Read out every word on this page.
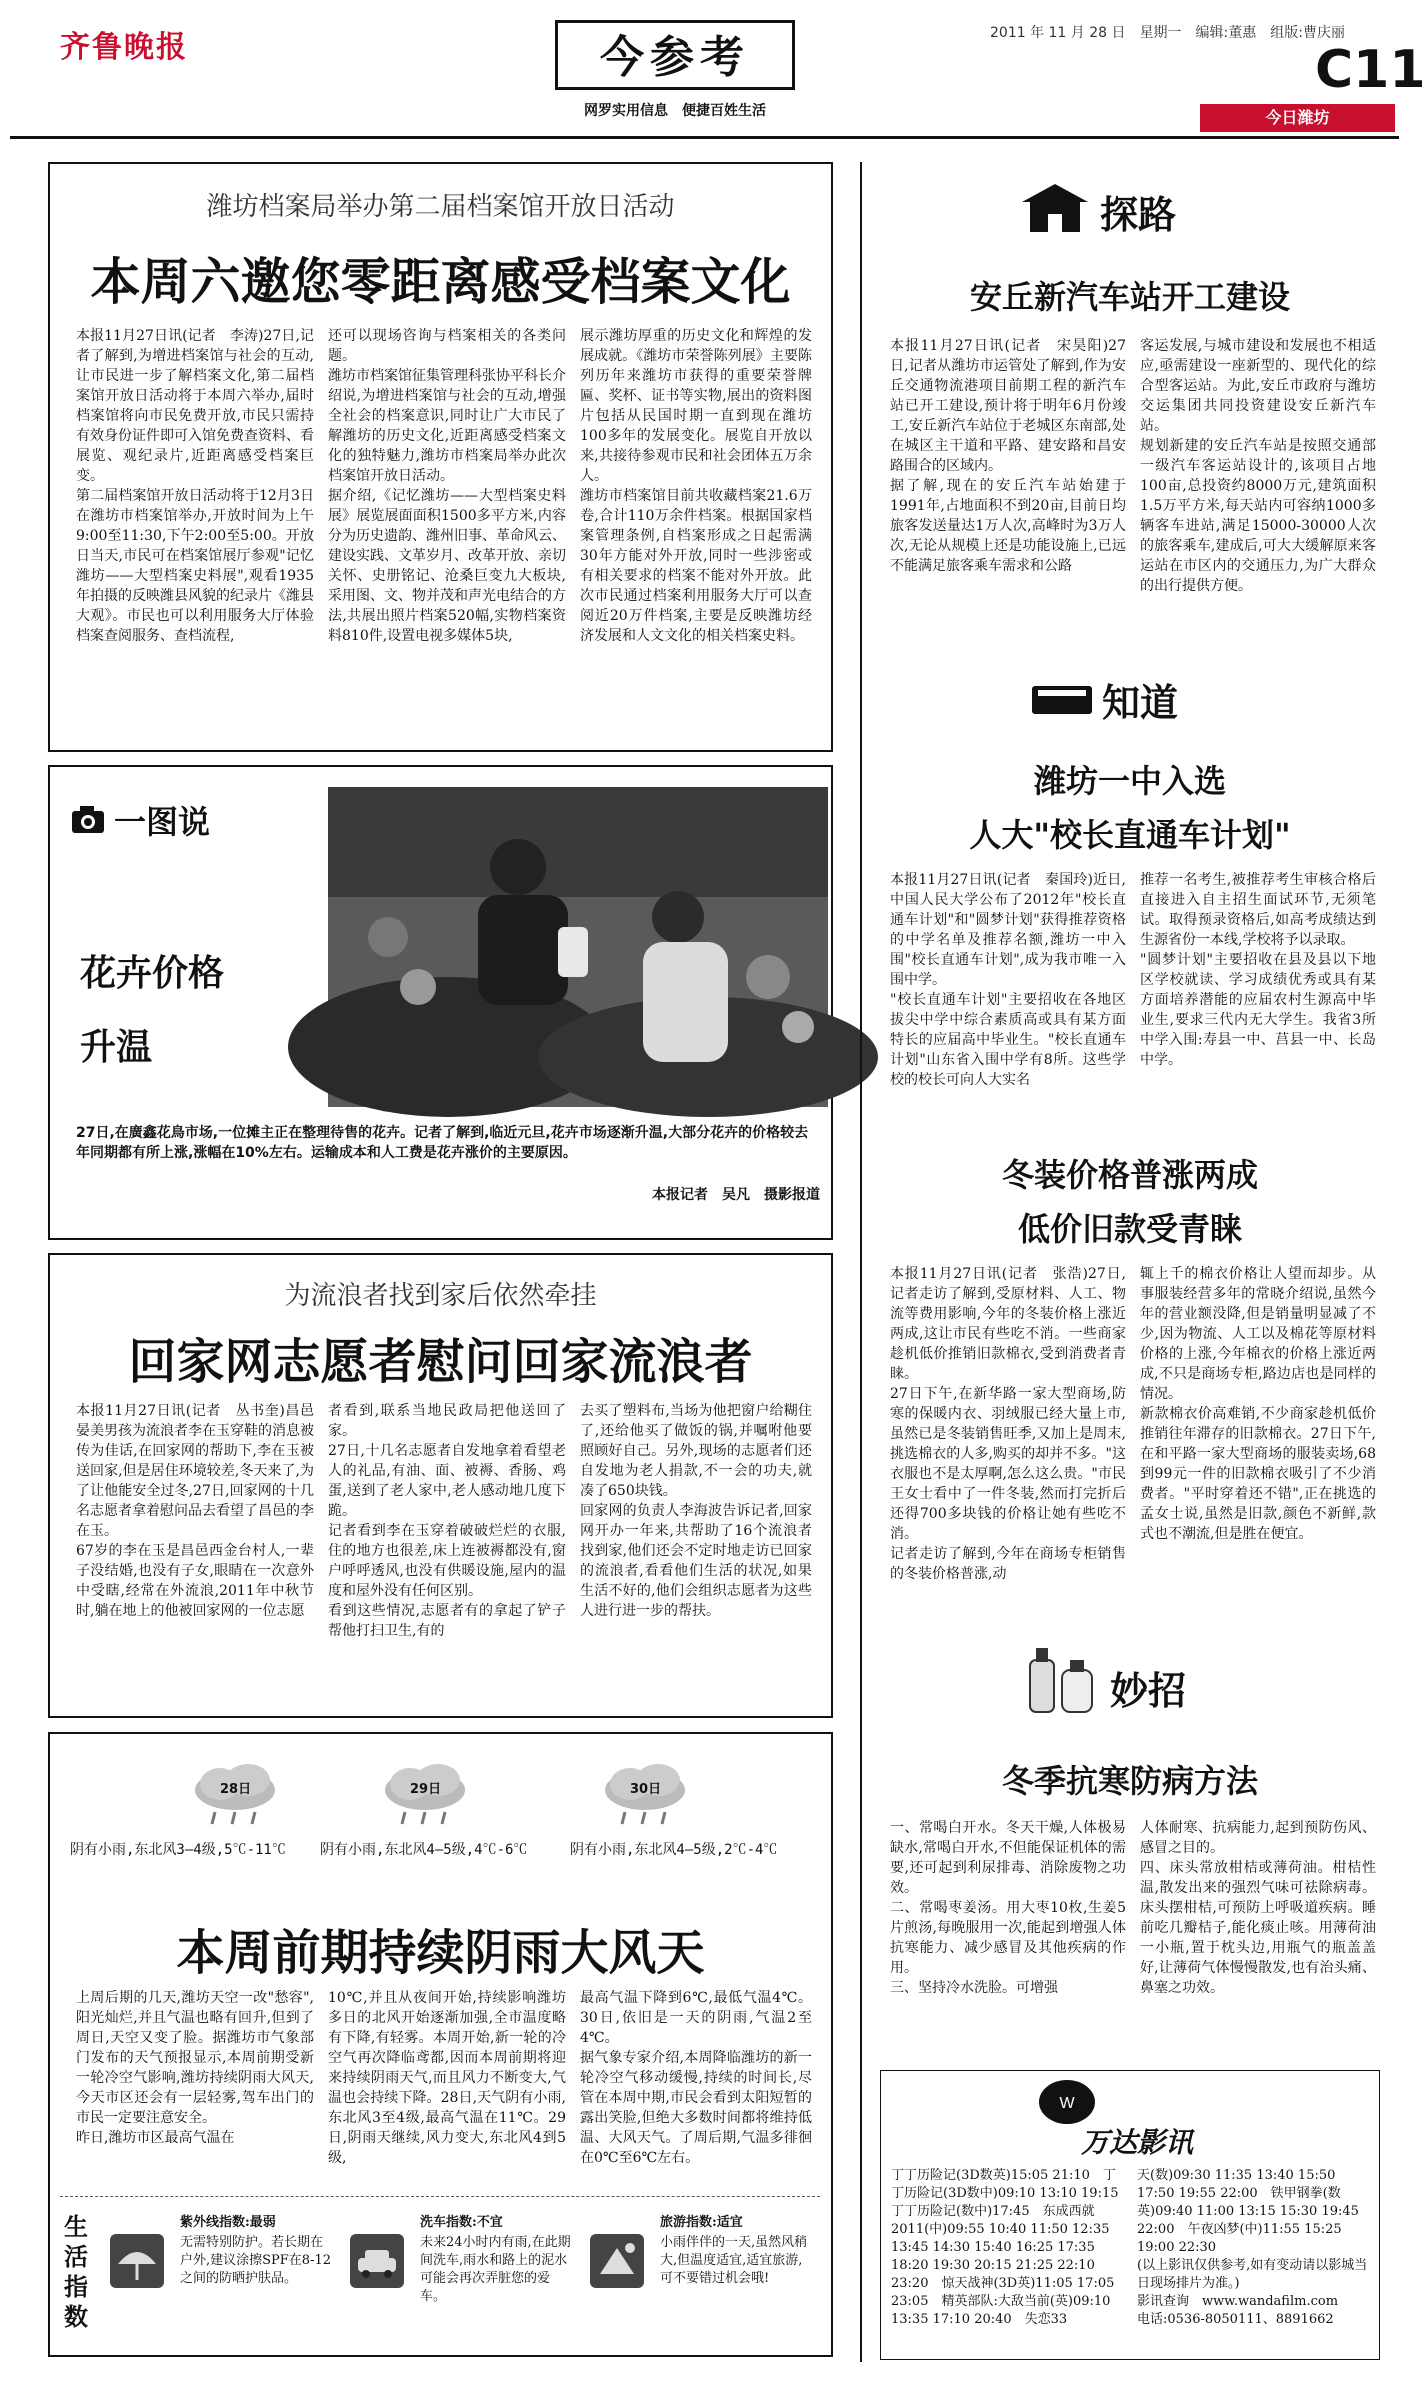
齐鲁晚报	今参考
网罗实用信息　便捷百姓生活
2011 年 11 月 28 日　星期一　编辑:董惠　组版:曹庆丽
C11
今日潍坊
潍坊档案局举办第二届档案馆开放日活动
本周六邀您零距离感受档案文化
本报11月27日讯(记者　李涛)27日,记者了解到,为增进档案馆与社会的互动,让市民进一步了解档案文化,第二届档案馆开放日活动将于本周六举办,届时档案馆将向市民免费开放,市民只需持有效身份证件即可入馆免费查资料、看展览、观纪录片,近距离感受档案巨变。
第二届档案馆开放日活动将于12月3日在潍坊市档案馆举办,开放时间为上午9:00至11:30,下午2:00至5:00。开放日当天,市民可在档案馆展厅参观"记忆潍坊——大型档案史料展",观看1935年拍摄的反映潍县风貌的纪录片《潍县大观》。市民也可以利用服务大厅体验档案查阅服务、查档流程,
还可以现场咨询与档案相关的各类问题。
潍坊市档案馆征集管理科张协平科长介绍说,为增进档案馆与社会的互动,增强全社会的档案意识,同时让广大市民了解潍坊的历史文化,近距离感受档案文化的独特魅力,潍坊市档案局举办此次档案馆开放日活动。
据介绍,《记忆潍坊——大型档案史料展》展览展面面积1500多平方米,内容分为历史遗韵、潍州旧事、革命风云、建设实践、文革岁月、改革开放、亲切关怀、史册铭记、沧桑巨变九大板块,采用图、文、物并茂和声光电结合的方法,共展出照片档案520幅,实物档案资料810件,设置电视多媒体5块,
展示潍坊厚重的历史文化和辉煌的发展成就。《潍坊市荣誉陈列展》主要陈列历年来潍坊市获得的重要荣誉牌匾、奖杯、证书等实物,展出的资料图片包括从民国时期一直到现在潍坊100多年的发展变化。展览自开放以来,共接待参观市民和社会团体五万余人。
潍坊市档案馆目前共收藏档案21.6万卷,合计110万余件档案。根据国家档案管理条例,自档案形成之日起需满30年方能对外开放,同时一些涉密或有相关要求的档案不能对外开放。此次市民通过档案利用服务大厅可以查阅近20万件档案,主要是反映潍坊经济发展和人文文化的相关档案史料。
一图说
花卉价格
升温
27日,在廣鑫花鳥市场,一位摊主正在整理待售的花卉。记者了解到,临近元旦,花卉市场逐渐升温,大部分花卉的价格较去年同期都有所上涨,涨幅在10%左右。运输成本和人工费是花卉涨价的主要原因。
本报记者　吴凡　摄影报道
为流浪者找到家后依然牵挂
回家网志愿者慰问回家流浪者
本报11月27日讯(记者　丛书奎)昌邑晏美男孩为流浪者李在玉穿鞋的消息被传为佳话,在回家网的帮助下,李在玉被送回家,但是居住环境较差,冬天来了,为了让他能安全过冬,27日,回家网的十几名志愿者拿着慰问品去看望了昌邑的李在玉。
67岁的李在玉是昌邑西金台村人,一辈子没结婚,也没有子女,眼睛在一次意外中受瞎,经常在外流浪,2011年中秋节时,躺在地上的他被回家网的一位志愿
者看到,联系当地民政局把他送回了家。
27日,十几名志愿者自发地拿着看望老人的礼品,有油、面、被褥、香肠、鸡蛋,送到了老人家中,老人感动地几度下跪。
记者看到李在玉穿着破破烂烂的衣服,住的地方也很差,床上连被褥都没有,窗户呼呼透风,也没有供暖设施,屋内的温度和屋外没有任何区别。
看到这些情况,志愿者有的拿起了铲子帮他打扫卫生,有的
去买了塑料布,当场为他把窗户给糊住了,还给他买了做饭的锅,并嘱咐他要照顾好自己。另外,现场的志愿者们还自发地为老人捐款,不一会的功夫,就凑了650块钱。
回家网的负责人李海波告诉记者,回家网开办一年来,共帮助了16个流浪者找到家,他们还会不定时地走访已回家的流浪者,看看他们生活的状况,如果生活不好的,他们会组织志愿者为这些人进行进一步的帮扶。
28日
阴有小雨,东北风3—4级,5℃-11℃
29日
阴有小雨,东北风4—5级,4℃-6℃
30日
阴有小雨,东北风4—5级,2℃-4℃
本周前期持续阴雨大风天
上周后期的几天,潍坊天空一改"愁容",阳光灿烂,并且气温也略有回升,但到了周日,天空又变了脸。据潍坊市气象部门发布的天气预报显示,本周前期受新一轮冷空气影响,潍坊持续阴雨大风天,今天市区还会有一层轻雾,驾车出门的市民一定要注意安全。
昨日,潍坊市区最高气温在
10℃,并且从夜间开始,持续影响潍坊多日的北风开始逐渐加强,全市温度略有下降,有轻雾。本周开始,新一轮的冷空气再次降临鸢都,因而本周前期将迎来持续阴雨天气,而且风力不断变大,气温也会持续下降。28日,天气阴有小雨,东北风3至4级,最高气温在11℃。29日,阴雨天继续,风力变大,东北风4到5级,
最高气温下降到6℃,最低气温4℃。30日,依旧是一天的阴雨,气温2至4℃。
据气象专家介绍,本周降临潍坊的新一轮冷空气移动缓慢,持续的时间长,尽管在本周中期,市民会看到太阳短暂的露出笑脸,但绝大多数时间都将维持低温、大风天气。了周后期,气温多徘徊在0℃至6℃左右。
生活指数
紫外线指数:最弱
无需特别防护。若长期在户外,建议涂擦SPF在8-12之间的防晒护肤品。
洗车指数:不宜
未来24小时内有雨,在此期间洗车,雨水和路上的泥水可能会再次弄脏您的爱车。
旅游指数:适宜
小雨伴伴的一天,虽然风稍大,但温度适宜,适宜旅游,可不要错过机会哦!
探路
安丘新汽车站开工建设
本报11月27日讯(记者　宋昊阳)27日,记者从潍坊市运管处了解到,作为安丘交通物流港项目前期工程的新汽车站已开工建设,预计将于明年6月份竣工,安丘新汽车站位于老城区东南部,处在城区主干道和平路、建安路和昌安路围合的区域内。
据了解,现在的安丘汽车站始建于1991年,占地面积不到20亩,目前日均旅客发送量达1万人次,高峰时为3万人次,无论从规模上还是功能设施上,已远不能满足旅客乘车需求和公路
客运发展,与城市建设和发展也不相适应,亟需建设一座新型的、现代化的综合型客运站。为此,安丘市政府与潍坊交运集团共同投资建设安丘新汽车站。
规划新建的安丘汽车站是按照交通部一级汽车客运站设计的,该项目占地100亩,总投资约8000万元,建筑面积1.5万平方米,每天站内可容纳1000多辆客车进站,满足15000-30000人次的旅客乘车,建成后,可大大缓解原来客运站在市区内的交通压力,为广大群众的出行提供方便。
知道
潍坊一中入选
人大"校长直通车计划"
本报11月27日讯(记者　秦国玲)近日,中国人民大学公布了2012年"校长直通车计划"和"圆梦计划"获得推荐资格的中学名单及推荐名额,潍坊一中入围"校长直通车计划",成为我市唯一入围中学。
"校长直通车计划"主要招收在各地区拔尖中学中综合素质高或具有某方面特长的应届高中毕业生。"校长直通车计划"山东省入围中学有8所。这些学校的校长可向人大实名
推荐一名考生,被推荐考生审核合格后直接进入自主招生面试环节,无须笔试。取得预录资格后,如高考成绩达到生源省份一本线,学校将予以录取。
"圆梦计划"主要招收在县及县以下地区学校就读、学习成绩优秀或具有某方面培养潜能的应届农村生源高中毕业生,要求三代内无大学生。我省3所中学入围:寿县一中、莒县一中、长岛中学。
冬装价格普涨两成
低价旧款受青睐
本报11月27日讯(记者　张浩)27日,记者走访了解到,受原材料、人工、物流等费用影响,今年的冬装价格上涨近两成,这让市民有些吃不消。一些商家趁机低价推销旧款棉衣,受到消费者青睐。
27日下午,在新华路一家大型商场,防寒的保暖内衣、羽绒服已经大量上市,虽然已是冬装销售旺季,又加上是周末,挑选棉衣的人多,购买的却并不多。"这衣服也不是太厚啊,怎么这么贵。"市民王女士看中了一件冬装,然而打完折后还得700多块钱的价格让她有些吃不消。
记者走访了解到,今年在商场专柜销售的冬装价格普涨,动
辄上千的棉衣价格让人望而却步。从事服装经营多年的常晓介绍说,虽然今年的营业额没降,但是销量明显减了不少,因为物流、人工以及棉花等原材料价格的上涨,今年棉衣的价格上涨近两成,不只是商场专柜,路边店也是同样的情况。
新款棉衣价高难销,不少商家趁机低价推销往年滞存的旧款棉衣。27日下午,在和平路一家大型商场的服装卖场,68到99元一件的旧款棉衣吸引了不少消费者。"平时穿着还不错",正在挑选的孟女士说,虽然是旧款,颜色不新鲜,款式也不潮流,但是胜在便宜。
妙招
冬季抗寒防病方法
一、常喝白开水。冬天干燥,人体极易缺水,常喝白开水,不但能保证机体的需要,还可起到利尿排毒、消除废物之功效。
二、常喝枣姜汤。用大枣10枚,生姜5片煎汤,每晚服用一次,能起到增强人体抗寒能力、减少感冒及其他疾病的作用。
三、坚持冷水洗脸。可增强
人体耐寒、抗病能力,起到预防伤风、感冒之目的。
四、床头常放柑桔或薄荷油。柑桔性温,散发出来的强烈气味可祛除病毒。床头摆柑桔,可预防上呼吸道疾病。睡前吃几瓣桔子,能化痰止咳。用薄荷油一小瓶,置于枕头边,用瓶气的瓶盖盖好,让薄荷气体慢慢散发,也有治头痛、鼻塞之功效。
W
万达影讯
丁丁历险记(3D数英)15:05 21:10　丁丁历险记(3D数中)09:10 13:10 19:15　丁丁历险记(数中)17:45　东成西就2011(中)09:55 10:40 11:50 12:35 13:45 14:30 15:40 16:25 17:35 18:20 19:30 20:15 21:25 22:10 23:20　惊天战神(3D英)11:05 17:05 23:05　精英部队:大敌当前(英)09:10 13:35 17:10 20:40　失恋33
天(数)09:30 11:35 13:40 15:50 17:50 19:55 22:00　铁甲钢拳(数英)09:40 11:00 13:15 15:30 19:45 22:00　午夜凶梦(中)11:55 15:25 19:00 22:30
(以上影讯仅供参考,如有变动请以影城当日现场排片为准。)
影讯查询　www.wandafilm.com
电话:0536-8050111、8891662
